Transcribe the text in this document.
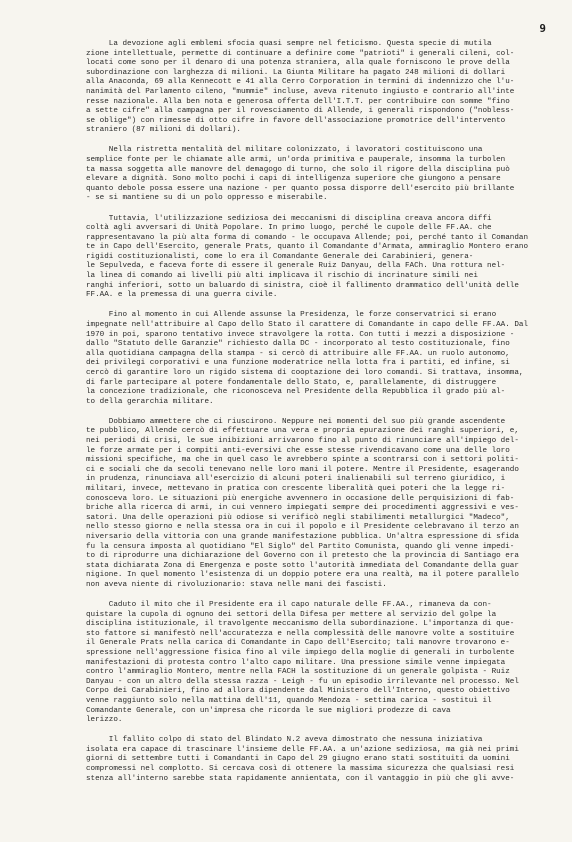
9
La devozione agli emblemi sfocia quasi sempre nel feticismo. Questa specie di mutila
zione intellettuale, permette di continuare a definire come "patrioti" i generali cileni, col-
locati come sono per il denaro di una potenza straniera, alla quale forniscono le prove della
subordinazione con larghezza di milioni. La Giunta Militare ha pagato 248 milioni di dollari
alla Anaconda, 69 alla Kennecott e 41 alla Cerro Corporation in termini di indennizzo che l'u-
nanimità del Parlamento cileno, "mummie" incluse, aveva ritenuto ingiusto e contrario all'inte
resse nazionale. Alla ben nota e generosa offerta dell'I.T.T. per contribuire con somme "fino
a sette cifre" alla campagna per il rovesciamento di Allende, i generali rispondono ("nobless-
se oblige") con rimesse di otto cifre in favore dell'associazione promotrice dell'intervento
straniero (87 milioni di dollari).
Nella ristretta mentalità del militare colonizzato, i lavoratori costituiscono una
semplice fonte per le chiamate alle armi, un'orda primitiva e pauperale, insomma la turbolen
ta massa soggetta alle manovre del demagogo di turno, che solo il rigore della disciplina può
elevare a dignità. Sono molto pochi i capi di intelligenza superiore che giungono a pensare
quanto debole possa essere una nazione - per quanto possa disporre dell'esercito più brillante
- se si mantiene su di un polo oppresso e miserabile.
Tuttavia, l'utilizzazione sediziosa dei meccanismi di disciplina creava ancora diffi
coltà agli avversari di Unità Popolare. In primo luogo, perché le cupole delle FF.AA. che
rappresentavano la più alta forma di comando - le occupava Allende; poi, perché tanto il Comandan
te in Capo dell'Esercito, generale Prats, quanto il Comandante d'Armata, ammiraglio Montero erano
rigidi costituzionalisti, come lo era il Comandante Generale dei Carabinieri, genera-
le Sepulveda, e faceva forte di essere il generale Ruiz Danyau, della FACh. Una rottura nel-
la linea di comando ai livelli più alti implicava il rischio di incrinature simili nei
ranghi inferiori, sotto un baluardo di sinistra, cioè il fallimento drammatico dell'unità delle
FF.AA. e la premessa di una guerra civile.
Fino al momento in cui Allende assunse la Presidenza, le forze conservatrici si erano
impegnate nell'attribuire al Capo dello Stato il carattere di Comandante in capo delle FF.AA. Dal
1970 in poi, sparono tentativo invece stravolgere la rotta. Con tutti i mezzi a disposizione -
dallo "Statuto delle Garanzie" richiesto dalla DC - incorporato al testo costituzionale, fino
alla quotidiana campagna della stampa - si cercò di attribuire alle FF.AA. un ruolo autonomo,
dei privilegi corporativi e una funzione moderatrice nella lotta fra i partiti, ed infine, si
cercò di garantire loro un rigido sistema di cooptazione dei loro comandi. Si trattava, insomma,
di farle partecipare al potere fondamentale dello Stato, e, parallelamente, di distruggere
la concezione tradizionale, che riconosceva nel Presidente della Repubblica il grado più al-
to della gerarchia militare.
Dobbiamo ammettere che ci riuscirono. Neppure nei momenti del suo più grande ascendente
te pubblico, Allende cercò di effettuare una vera e propria epurazione dei ranghi superiori, e,
nei periodi di crisi, le sue inibizioni arrivarono fino al punto di rinunciare all'impiego del-
le forze armate per i compiti anti-eversivi che esse stesse rivendicavano come una delle loro
missioni specifiche, ma che in quel caso le avrebbero spinte a scontrarsi con i settori politi-
ci e sociali che da secoli tenevano nelle loro mani il potere. Mentre il Presidente, esagerando
in prudenza, rinunciava all'esercizio di alcuni poteri inalienabili sul terreno giuridico, i
militari, invece, mettevano in pratica con crescente liberalità quei poteri che la legge ri-
conosceva loro. Le situazioni più energiche avvennero in occasione delle perquisizioni di fab-
briche alla ricerca di armi, in cui vennero impiegati sempre dei procedimenti aggressivi e ves-
satori. Una delle operazioni più odiose si verificò negli stabilimenti metallurgici "Madeco",
nello stesso giorno e nella stessa ora in cui il popolo e il Presidente celebravano il terzo an
niversario della vittoria con una grande manifestazione pubblica. Un'altra espressione di sfida
fu la censura imposta al quotidiano "El Siglo" del Partito Comunista, quando gli venne impedi-
to di riprodurre una dichiarazione del Governo con il pretesto che la provincia di Santiago era
stata dichiarata Zona di Emergenza e poste sotto l'autorità immediata del Comandante della guar
nigione. In quel momento l'esistenza di un doppio potere era una realtà, ma il potere parallelo
non aveva niente di rivoluzionario: stava nelle mani dei fascisti.
Caduto il mito che il Presidente era il capo naturale delle FF.AA., rimaneva da con-
quistare la cupola di ognuno dei settori della Difesa per mettere al servizio del golpe la
disciplina istituzionale, il travolgente meccanismo della subordinazione. L'importanza di que-
sto fattore si manifestò nell'accuratezza e nella complessità delle manovre volte a sostituire
il Generale Prats nella carica di Comandante in Capo dell'Esercito; tali manovre trovarono e-
spressione nell'aggressione fisica fino al vile impiego della moglie di generali in turbolente
manifestazioni di protesta contro l'alto capo militare. Una pressione simile venne impiegata
contro l'ammiraglio Montero, mentre nella FACH la sostituzione di un generale golpista - Ruiz
Danyau - con un altro della stessa razza - Leigh - fu un episodio irrilevante nel processo. Nel
Corpo dei Carabinieri, fino ad allora dipendente dal Ministero dell'Interno, questo obiettivo
venne raggiunto solo nella mattina dell'11, quando Mendoza - settima carica - sostituì il
Comandante Generale, con un'impresa che ricorda le sue migliori prodezze di cava
lerizzo.
Il fallito colpo di stato del Blindato N.2 aveva dimostrato che nessuna iniziativa
isolata era capace di trascinare l'insieme delle FF.AA. a un'azione sediziosa, ma già nei primi
giorni di settembre tutti i Comandanti in Capo del 29 giugno erano stati sostituiti da uomini
compromessi nel complotto. Si cercava così di ottenere la massima sicurezza che qualsiasi resi
stenza all'interno sarebbe stata rapidamente annientata, con il vantaggio in più che gli avve-
